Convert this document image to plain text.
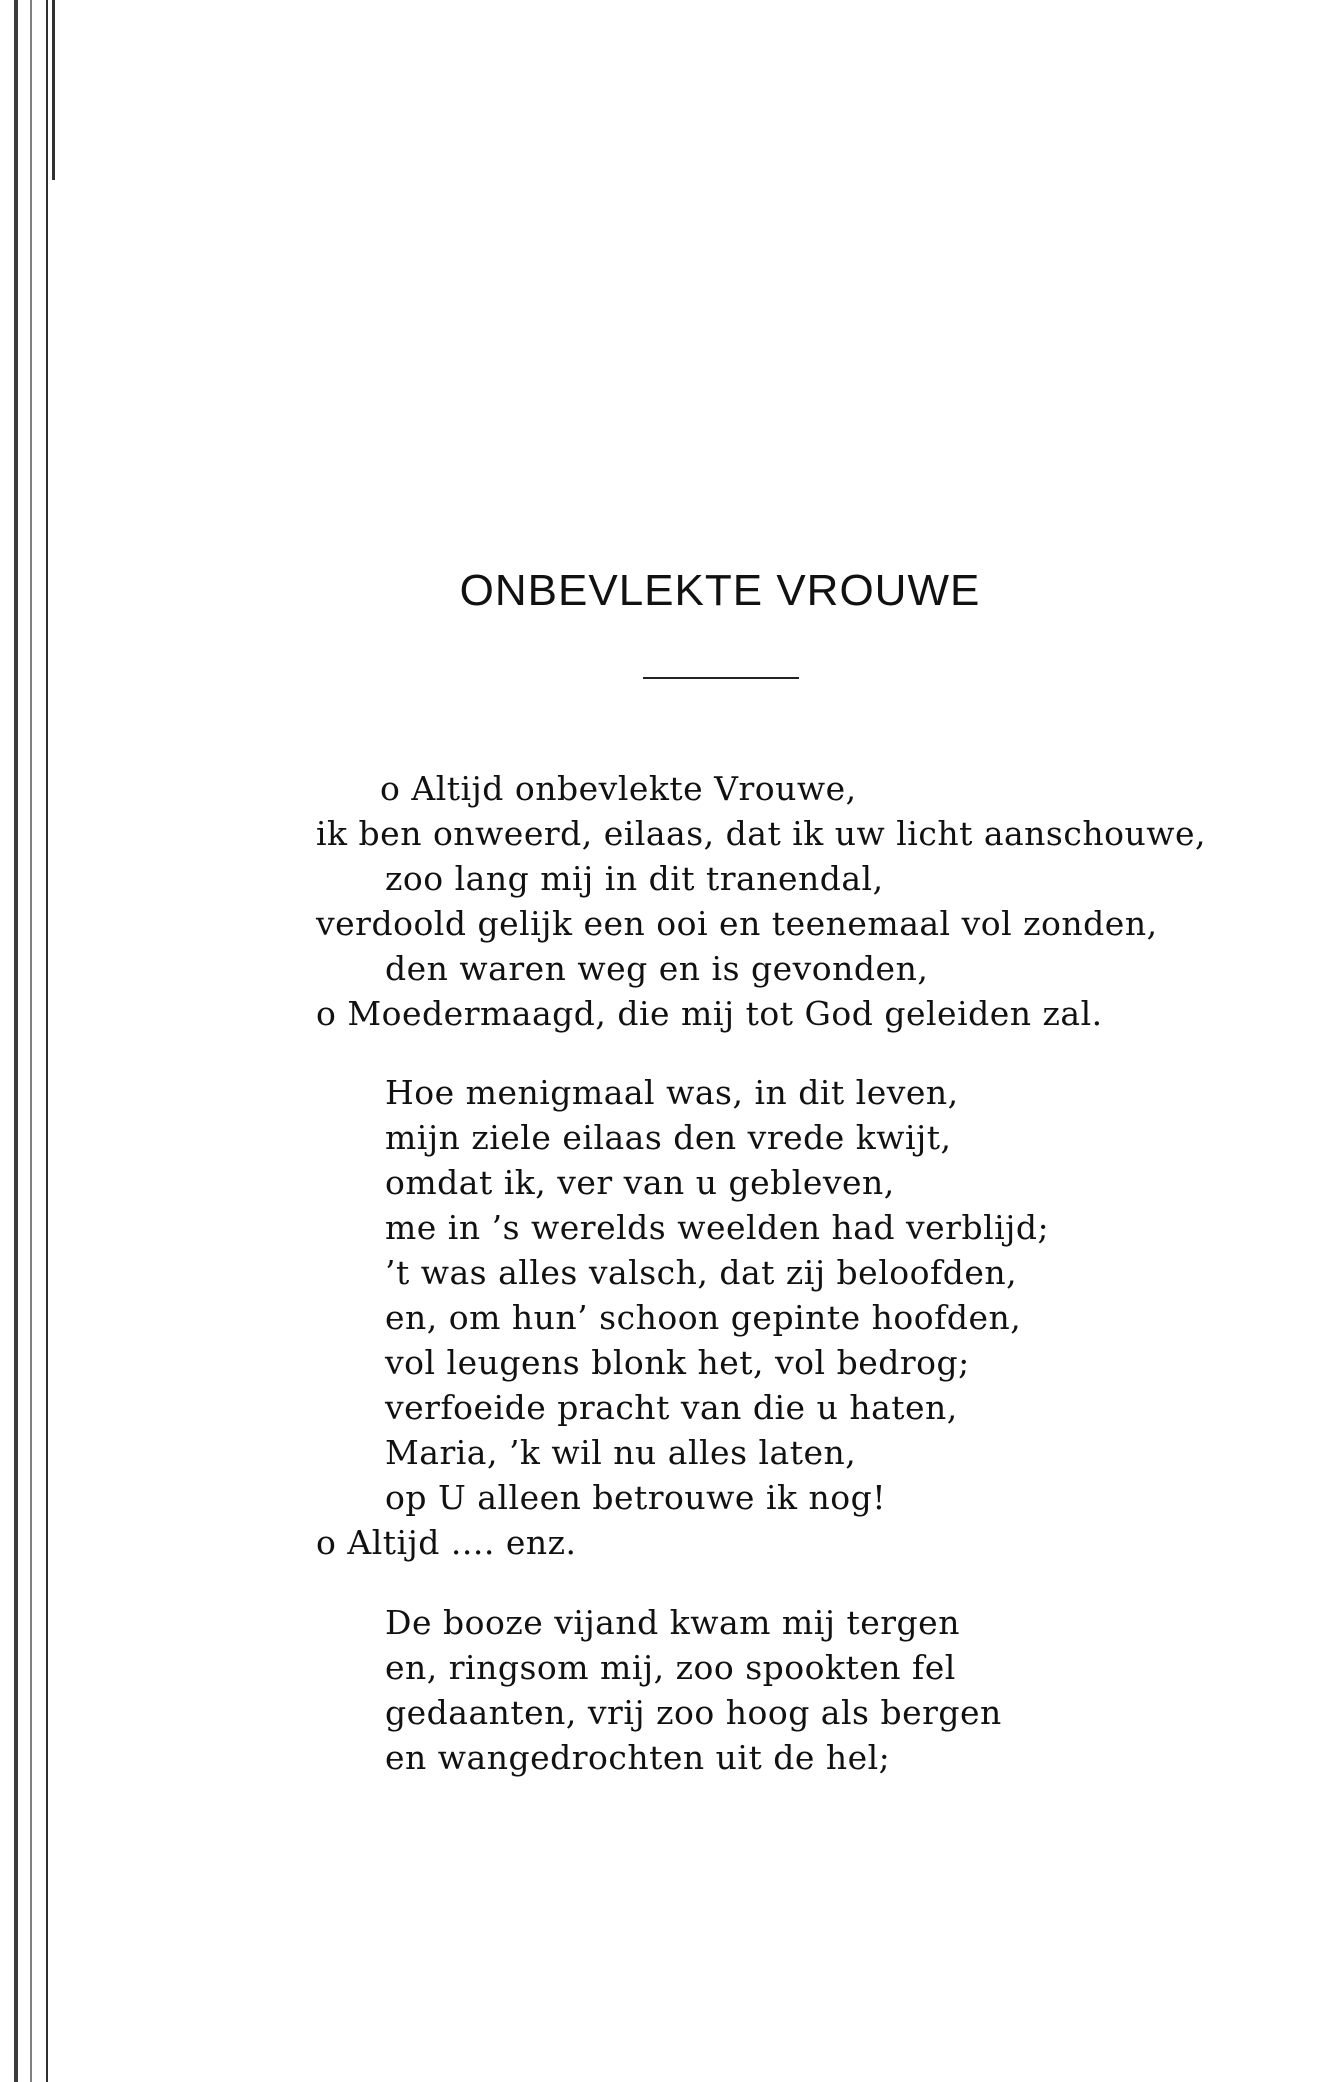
ONBEVLEKTE VROUWE

o Altijd onbevlekte Vrouwe,

ik ben onweerd, eilaas, dat ik uw licht aanschouwe,

zoo lang mij in dit tranendal,

verdoold gelijk een ooi en teenemaal vol zonden,

den waren weg en is gevonden,

o Moedermaagd, die mij tot God geleiden zal.

Hoe menigmaal was, in dit leven,

mijn ziele eilaas den vrede kwijt,

omdat ik, ver van u gebleven,

me in ’s werelds weelden had verblijd;

’t was alles valsch, dat zij beloofden,

en, om hun’ schoon gepinte hoofden,

vol leugens blonk het, vol bedrog;

verfoeide pracht van die u haten,

Maria, ’k wil nu alles laten,

op U alleen betrouwe ik nog!

o Altijd .... enz.

De booze vijand kwam mij tergen

en, ringsom mij, zoo spookten fel

gedaanten, vrij zoo hoog als bergen

en wangedrochten uit de hel;
